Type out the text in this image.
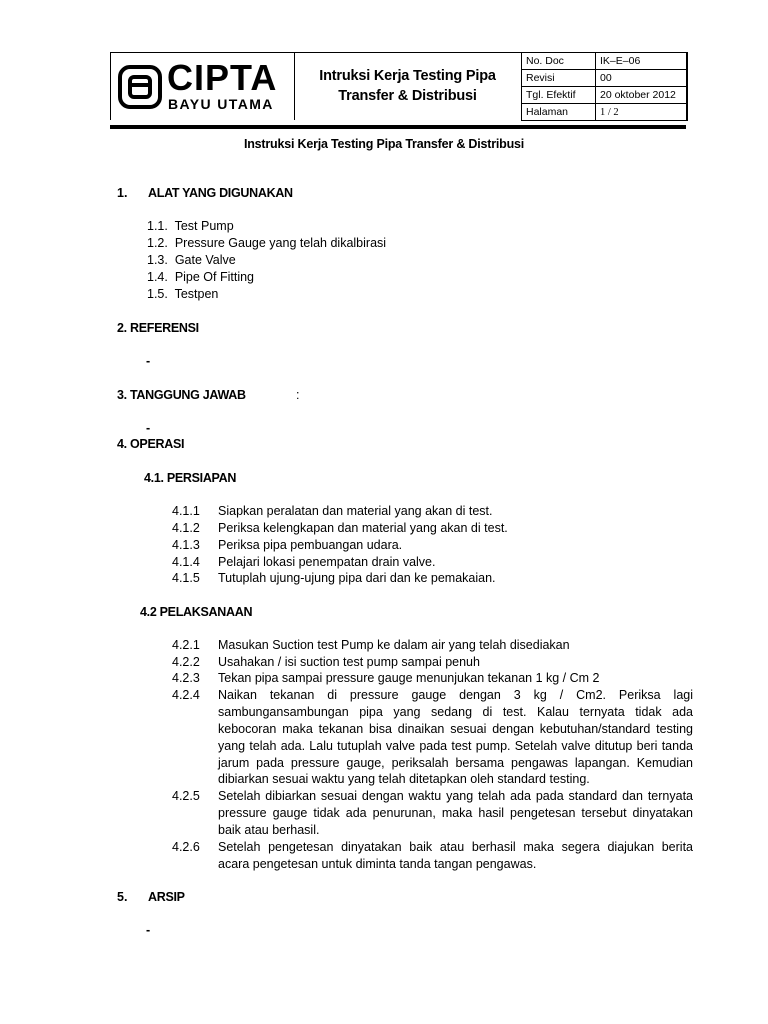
CIPTA
BAYU UTAMA
Intruksi Kerja Testing Pipa
Transfer & Distribusi
No. Doc	IK–E–06
Revisi	00
Tgl. Efektif	20 oktober 2012
Halaman	1 / 2
Instruksi Kerja Testing Pipa Transfer & Distribusi
1. ALAT YANG DIGUNAKAN
1.1. Test Pump
1.2. Pressure Gauge yang telah dikalbirasi
1.3. Gate Valve
1.4. Pipe Of Fitting
1.5. Testpen
2. REFERENSI
-
3. TANGGUNG JAWAB	:
-
4. OPERASI
4.1. PERSIAPAN
4.1.1 Siapkan peralatan dan material yang akan di test.
4.1.2 Periksa kelengkapan dan material yang akan di test.
4.1.3 Periksa pipa pembuangan udara.
4.1.4 Pelajari lokasi penempatan drain valve.
4.1.5 Tutuplah ujung-ujung pipa dari dan ke pemakaian.
4.2 PELAKSANAAN
4.2.1 Masukan Suction test Pump ke dalam air yang telah disediakan
4.2.2 Usahakan / isi suction test pump sampai penuh
4.2.3 Tekan pipa sampai pressure gauge menunjukan tekanan 1 kg / Cm 2
4.2.4 Naikan tekanan di pressure gauge dengan 3 kg / Cm2. Periksa lagi
sambungansambungan pipa yang sedang di test. Kalau ternyata tidak ada
kebocoran maka tekanan bisa dinaikan sesuai dengan kebutuhan/standard testing
yang telah ada. Lalu tutuplah valve pada test pump. Setelah valve ditutup beri tanda
jarum pada pressure gauge, periksalah bersama pengawas lapangan. Kemudian
dibiarkan sesuai waktu yang telah ditetapkan oleh standard testing.
4.2.5 Setelah dibiarkan sesuai dengan waktu yang telah ada pada standard dan ternyata
pressure gauge tidak ada penurunan, maka hasil pengetesan tersebut dinyatakan
baik atau berhasil.
4.2.6 Setelah pengetesan dinyatakan baik atau berhasil maka segera diajukan berita
acara pengetesan untuk diminta tanda tangan pengawas.
5. ARSIP
-
